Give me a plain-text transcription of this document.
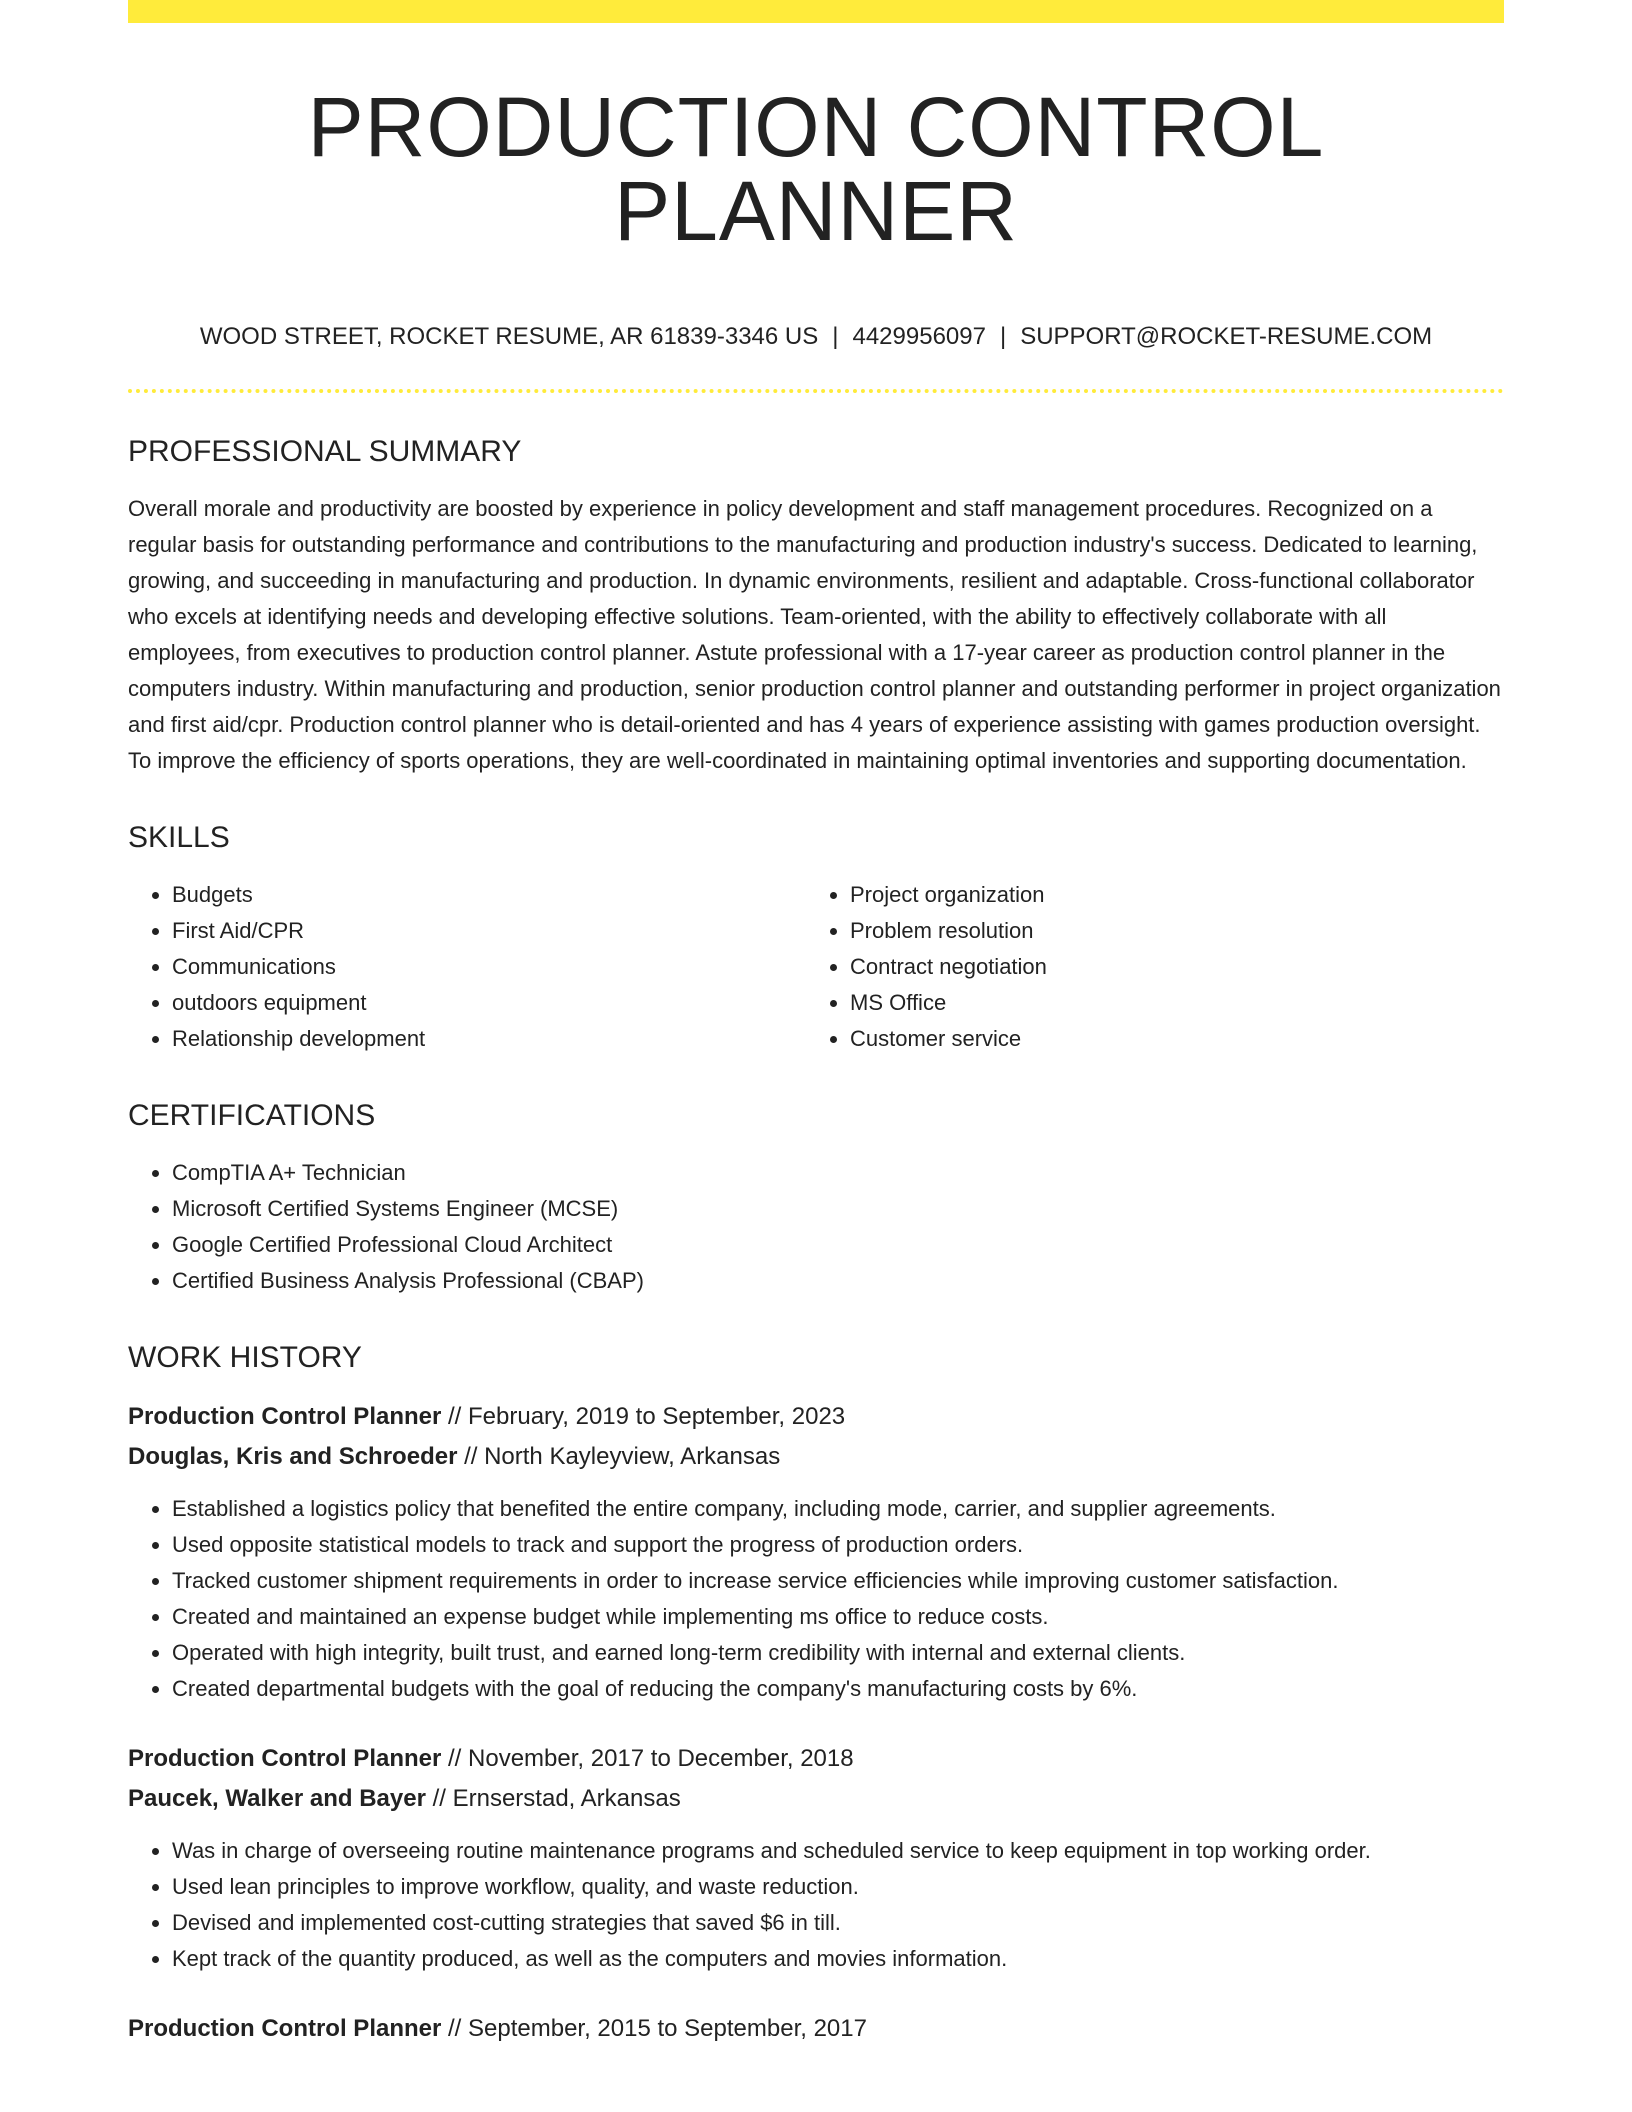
PRODUCTION CONTROL PLANNER
WOOD STREET, ROCKET RESUME, AR 61839-3346 US | 4429956097 | SUPPORT@ROCKET-RESUME.COM
PROFESSIONAL SUMMARY
Overall morale and productivity are boosted by experience in policy development and staff management procedures. Recognized on a regular basis for outstanding performance and contributions to the manufacturing and production industry's success. Dedicated to learning, growing, and succeeding in manufacturing and production. In dynamic environments, resilient and adaptable. Cross-functional collaborator who excels at identifying needs and developing effective solutions. Team-oriented, with the ability to effectively collaborate with all employees, from executives to production control planner. Astute professional with a 17-year career as production control planner in the computers industry. Within manufacturing and production, senior production control planner and outstanding performer in project organization and first aid/cpr. Production control planner who is detail-oriented and has 4 years of experience assisting with games production oversight. To improve the efficiency of sports operations, they are well-coordinated in maintaining optimal inventories and supporting documentation.
SKILLS
• Budgets
• First Aid/CPR
• Communications
• outdoors equipment
• Relationship development
• Project organization
• Problem resolution
• Contract negotiation
• MS Office
• Customer service
CERTIFICATIONS
• CompTIA A+ Technician
• Microsoft Certified Systems Engineer (MCSE)
• Google Certified Professional Cloud Architect
• Certified Business Analysis Professional (CBAP)
WORK HISTORY
Production Control Planner // February, 2019 to September, 2023
Douglas, Kris and Schroeder // North Kayleyview, Arkansas
• Established a logistics policy that benefited the entire company, including mode, carrier, and supplier agreements.
• Used opposite statistical models to track and support the progress of production orders.
• Tracked customer shipment requirements in order to increase service efficiencies while improving customer satisfaction.
• Created and maintained an expense budget while implementing ms office to reduce costs.
• Operated with high integrity, built trust, and earned long-term credibility with internal and external clients.
• Created departmental budgets with the goal of reducing the company's manufacturing costs by 6%.
Production Control Planner // November, 2017 to December, 2018
Paucek, Walker and Bayer // Ernserstad, Arkansas
• Was in charge of overseeing routine maintenance programs and scheduled service to keep equipment in top working order.
• Used lean principles to improve workflow, quality, and waste reduction.
• Devised and implemented cost-cutting strategies that saved $6 in till.
• Kept track of the quantity produced, as well as the computers and movies information.
Production Control Planner // September, 2015 to September, 2017
